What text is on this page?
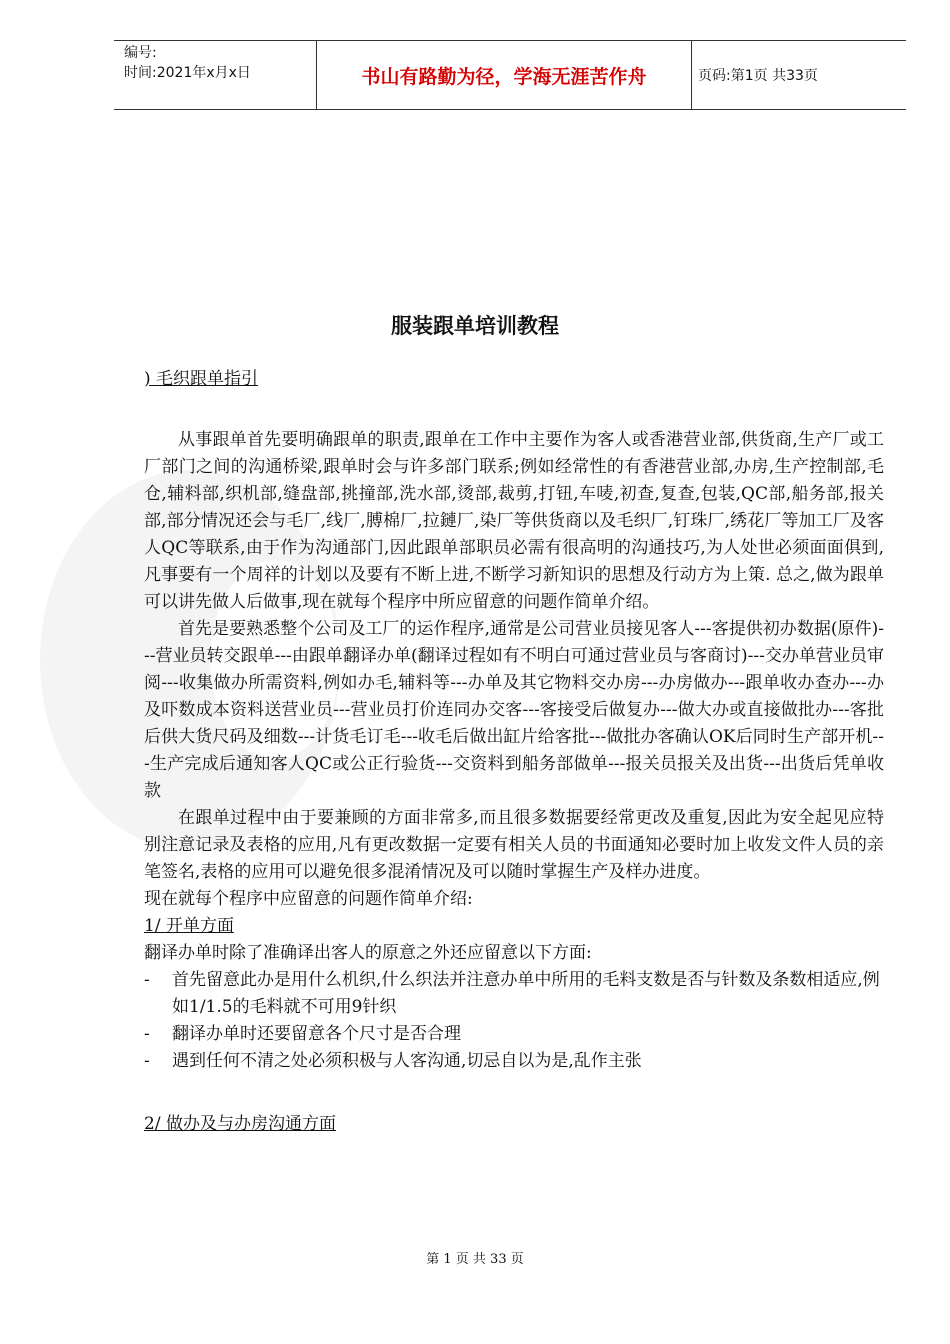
编号:
时间:2021年x月x日	书山有路勤为径，学海无涯苦作舟	页码:第1页 共33页
服装跟单培训教程

) 毛织跟单指引

从事跟单首先要明确跟单的职责,跟单在工作中主要作为客人或香港营业部,供货商,生产厂或工厂部门之间的沟通桥梁,跟单时会与许多部门联系;例如经常性的有香港营业部,办房,生产控制部,毛仓,辅料部,织机部,缝盘部,挑撞部,洗水部,烫部,裁剪,打钮,车唛,初查,复查,包装,QC部,船务部,报关部,部分情况还会与毛厂,线厂,膊棉厂,拉鏈厂,染厂等供货商以及毛织厂,钉珠厂,绣花厂等加工厂及客人QC等联系,由于作为沟通部门,因此跟单部职员必需有很高明的沟通技巧,为人处世必须面面俱到,凡事要有一个周祥的计划以及要有不断上进,不断学习新知识的思想及行动方为上策. 总之,做为跟单可以讲先做人后做事,现在就每个程序中所应留意的问题作简单介绍。

首先是要熟悉整个公司及工厂的运作程序,通常是公司营业员接见客人---客提供初办数据(原件)---营业员转交跟单---由跟单翻译办单(翻译过程如有不明白可通过营业员与客商讨)---交办单营业员审阅---收集做办所需资料,例如办毛,辅料等---办单及其它物料交办房---办房做办---跟单收办查办---办及吓数成本资料送营业员---营业员打价连同办交客---客接受后做复办---做大办或直接做批办---客批后供大货尺码及细数---计货毛订毛---收毛后做出缸片给客批---做批办客确认OK后同时生产部开机---生产完成后通知客人QC或公正行验货---交资料到船务部做单---报关员报关及出货---出货后凭单收款

在跟单过程中由于要兼顾的方面非常多,而且很多数据要经常更改及重复,因此为安全起见应特别注意记录及表格的应用,凡有更改数据一定要有相关人员的书面通知必要时加上收发文件人员的亲笔签名,表格的应用可以避免很多混淆情况及可以随时掌握生产及样办进度。

现在就每个程序中应留意的问题作简单介绍:

1/ 开单方面

翻译办单时除了准确译出客人的原意之外还应留意以下方面:

-	首先留意此办是用什么机织,什么织法并注意办单中所用的毛料支数是否与针数及条数相适应,例如1/1.5的毛料就不可用9针织
-	翻译办单时还要留意各个尺寸是否合理
-	遇到任何不清之处必须积极与人客沟通,切忌自以为是,乱作主张

2/ 做办及与办房沟通方面

第 1 页 共 33 页
